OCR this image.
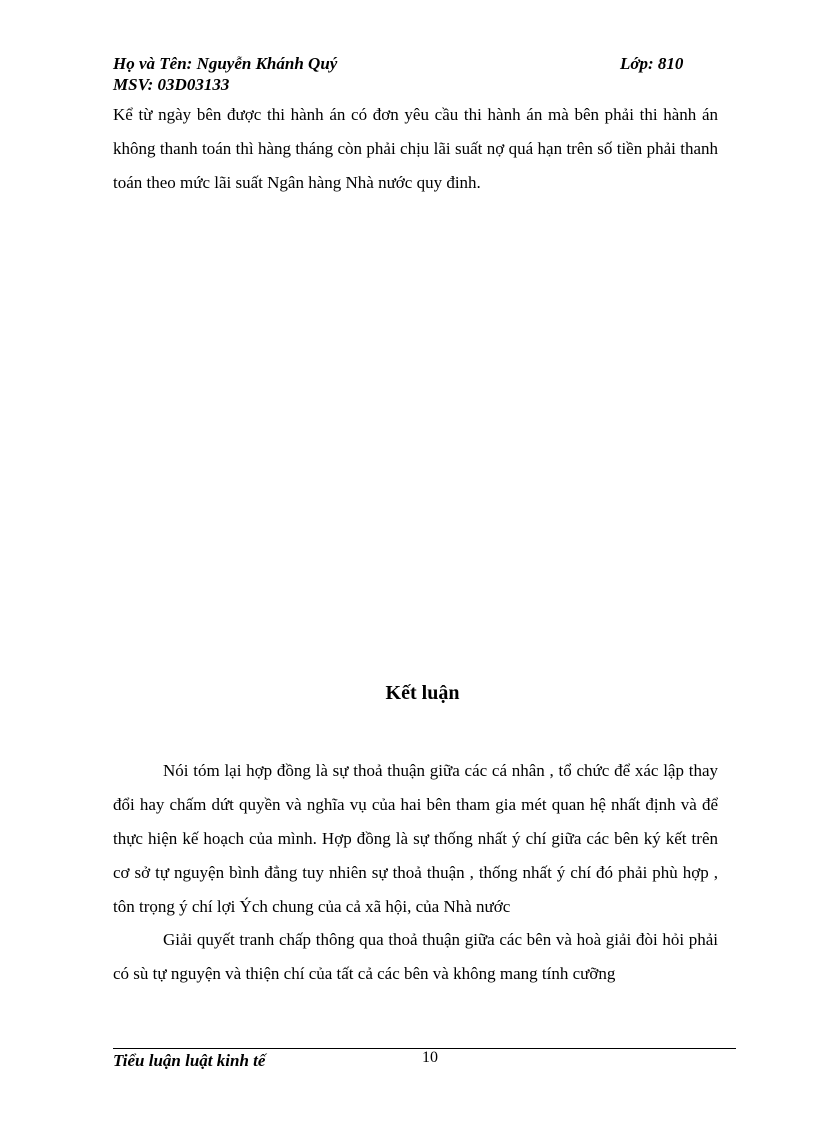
Họ và Tên: Nguyễn Khánh Quý	Lớp: 810
MSV: 03D03133
Kể từ ngày bên được thi hành án có đơn yêu cầu thi hành án mà bên phải thi hành án không thanh toán thì hàng tháng còn phải chịu lãi suất nợ quá hạn trên số tiền phải thanh toán theo mức lãi suất Ngân hàng Nhà nước quy đinh.
Kết luận
Nói tóm lại hợp đồng là sự thoả thuận giữa các cá nhân , tổ chức để xác lập thay đổi hay chấm dứt quyền và nghĩa vụ của hai bên tham gia mét quan hệ nhất định và để thực hiện kế hoạch của mình. Hợp đồng là sự thống nhất ý chí giữa các bên ký kết trên cơ sở tự nguyện bình đẳng tuy nhiên sự thoả thuận , thống nhất ý chí đó phải phù hợp , tôn trọng ý chí lợi Ých chung của cả xã hội, của Nhà nước
Giải quyết tranh chấp thông qua thoả thuận giữa các bên và hoà giải đòi hỏi phải có sù tự nguyện và thiện chí của tất cả các bên và không mang tính cưỡng
Tiểu luận luật kinh tế	10
